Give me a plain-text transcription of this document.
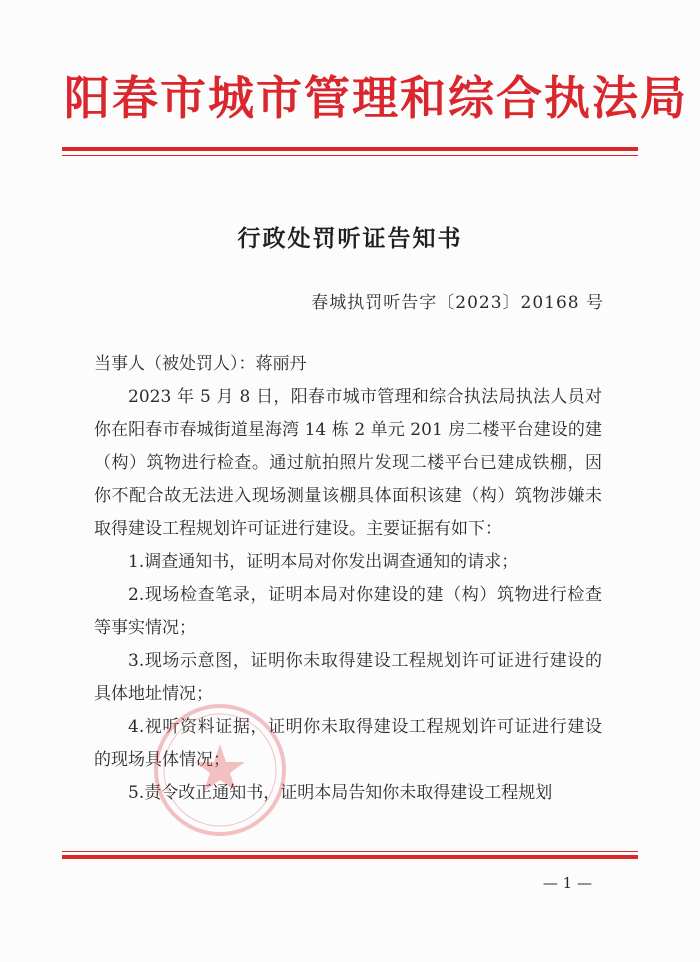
阳春市城市管理和综合执法局
行政处罚听证告知书
春城执罚听告字〔2023〕20168 号

当事人（被处罚人）：蒋丽丹

2023 年 5 月 8 日，阳春市城市管理和综合执法局执法人员对你在阳春市春城街道星海湾 14 栋 2 单元 201 房二楼平台建设的建（构）筑物进行检查。通过航拍照片发现二楼平台已建成铁棚，因你不配合故无法进入现场测量该棚具体面积该建（构）筑物涉嫌未取得建设工程规划许可证进行建设。主要证据有如下：

1.调查通知书，证明本局对你发出调查通知的请求；

2.现场检查笔录，证明本局对你建设的建（构）筑物进行检查等事实情况；

3.现场示意图，证明你未取得建设工程规划许可证进行建设的具体地址情况；

4.视听资料证据，证明你未取得建设工程规划许可证进行建设的现场具体情况；

5.责令改正通知书，证明本局告知你未取得建设工程规划

— 1 —
